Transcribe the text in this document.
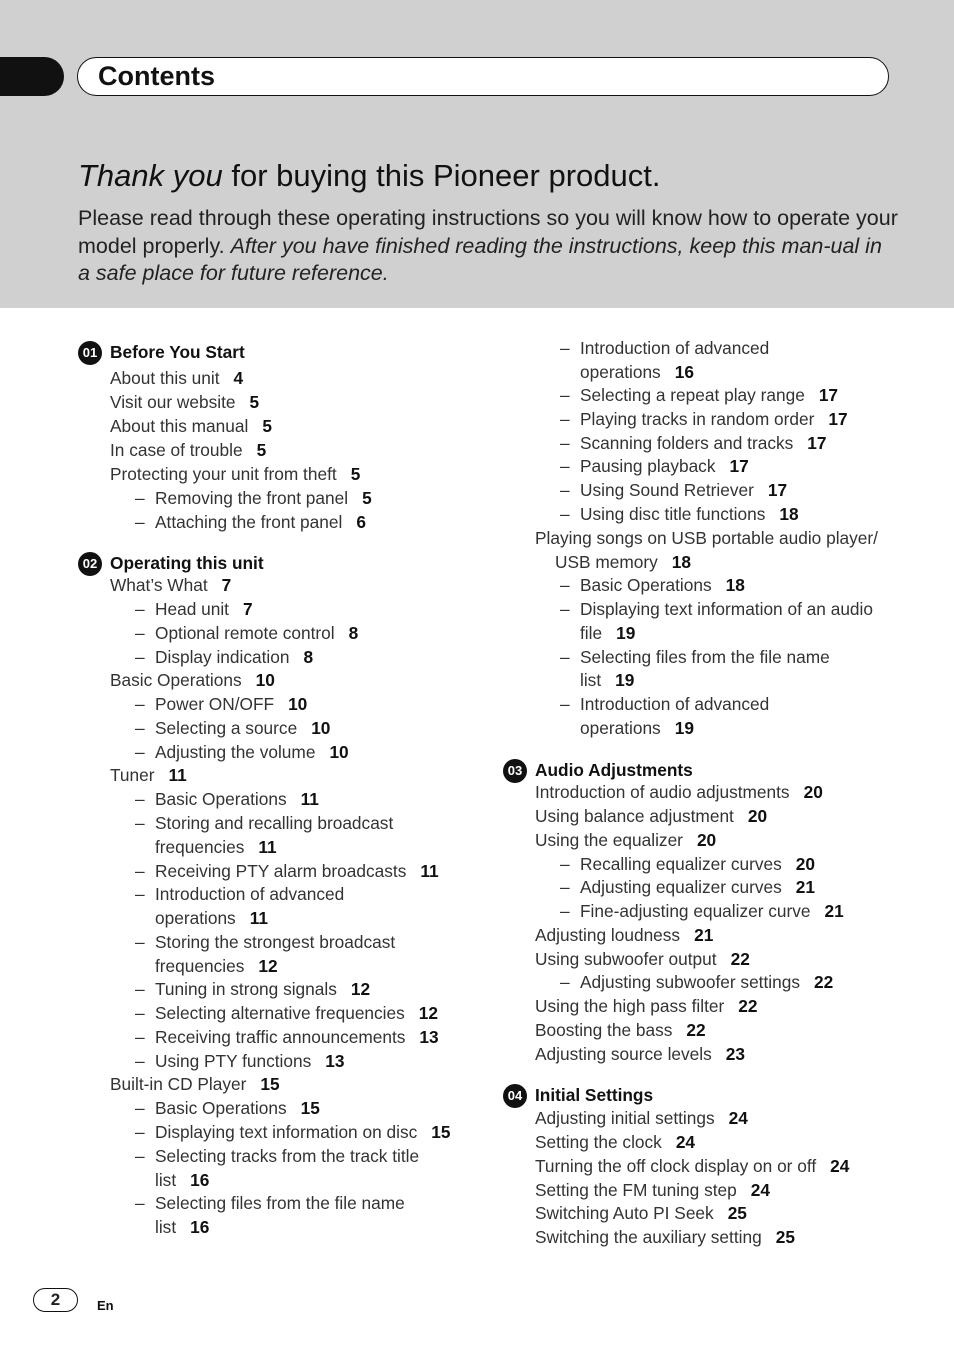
Contents
Thank you for buying this Pioneer product.
Please read through these operating instructions so you will know how to operate your model properly. After you have finished reading the instructions, keep this man-ual in a safe place for future reference.
About this unit 4
Visit our website 5
About this manual 5
In case of trouble 5
Protecting your unit from theft 5
– Removing the front panel 5
– Attaching the front panel 6
What’s What 7
– Head unit 7
– Optional remote control 8
– Display indication 8
Basic Operations 10
– Power ON/OFF 10
– Selecting a source 10
– Adjusting the volume 10
Tuner 11
– Basic Operations 11
– Storing and recalling broadcast
frequencies 11
– Receiving PTY alarm broadcasts 11
– Introduction of advanced
operations 11
– Storing the strongest broadcast
frequencies 12
– Tuning in strong signals 12
– Selecting alternative frequencies 12
– Receiving traffic announcements 13
– Using PTY functions 13
Built-in CD Player 15
– Basic Operations 15
– Displaying text information on disc 15
– Selecting tracks from the track title
list 16
– Selecting files from the file name
list 16
– Introduction of advanced
operations 16
– Selecting a repeat play range 17
– Playing tracks in random order 17
– Scanning folders and tracks 17
– Pausing playback 17
– Using Sound Retriever 17
– Using disc title functions 18
Playing songs on USB portable audio player/
USB memory 18
– Basic Operations 18
– Displaying text information of an audio
file 19
– Selecting files from the file name
list 19
– Introduction of advanced
operations 19
Introduction of audio adjustments 20
Using balance adjustment 20
Using the equalizer 20
– Recalling equalizer curves 20
– Adjusting equalizer curves 21
– Fine-adjusting equalizer curve 21
Adjusting loudness 21
Using subwoofer output 22
– Adjusting subwoofer settings 22
Using the high pass filter 22
Boosting the bass 22
Adjusting source levels 23
Adjusting initial settings 24
Setting the clock 24
Turning the off clock display on or off 24
Setting the FM tuning step 24
Switching Auto PI Seek 25
Switching the auxiliary setting 25
01 Before You Start
02 Operating this unit
03 Audio Adjustments
04 Initial Settings
2	En
